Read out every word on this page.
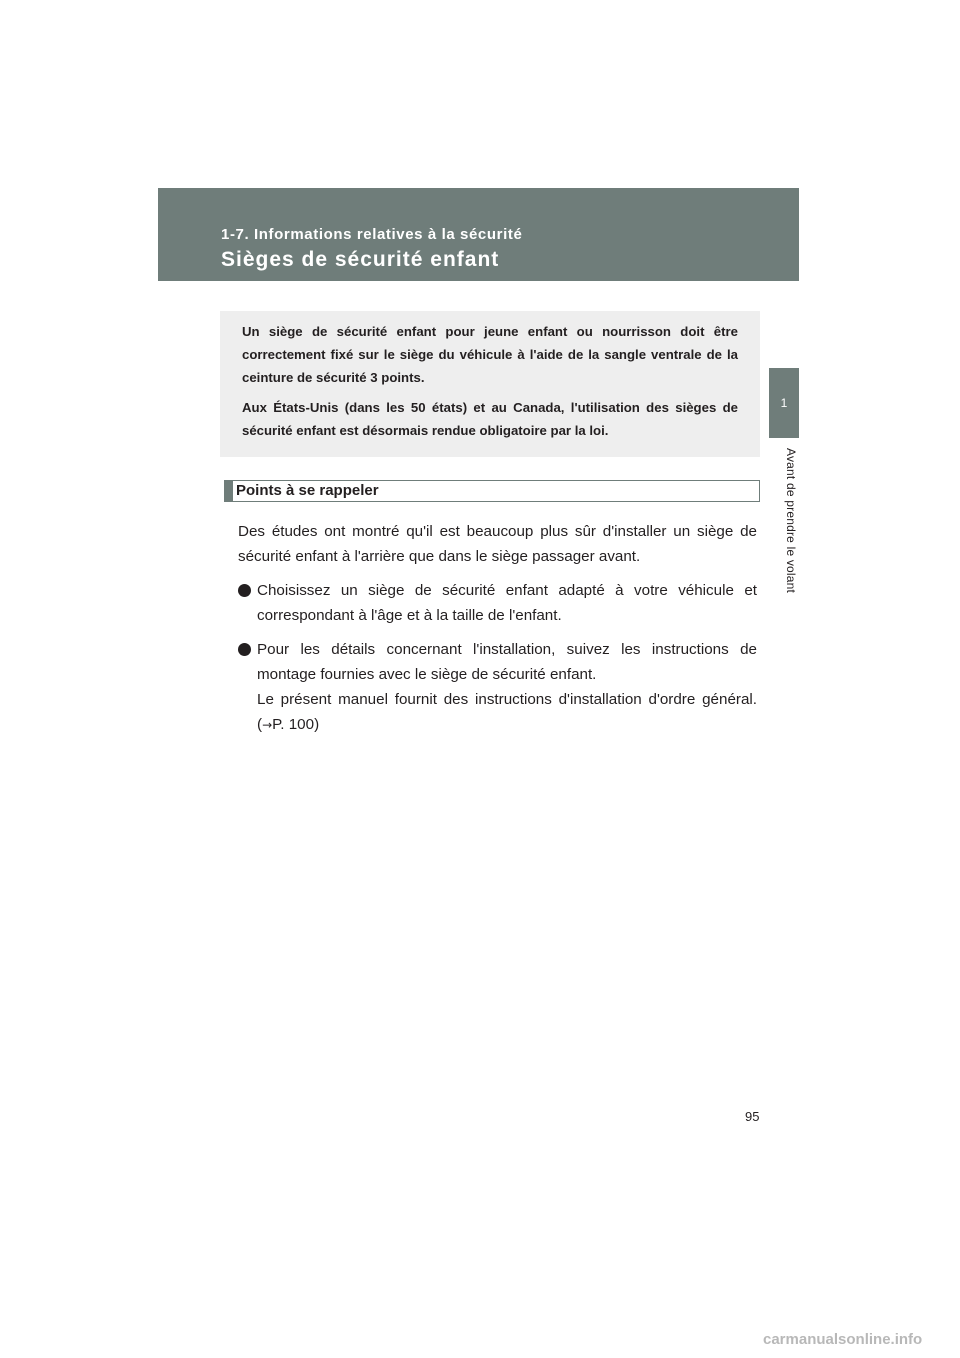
1-7. Informations relatives à la sécurité
Sièges de sécurité enfant
1
Avant de prendre le volant

Un siège de sécurité enfant pour jeune enfant ou nourrisson doit être correctement fixé sur le siège du véhicule à l'aide de la sangle ventrale de la ceinture de sécurité 3 points.

Aux États-Unis (dans les 50 états) et au Canada, l'utilisation des sièges de sécurité enfant est désormais rendue obligatoire par la loi.

Points à se rappeler

Des études ont montré qu'il est beaucoup plus sûr d'installer un siège de sécurité enfant à l'arrière que dans le siège passager avant.

Choisissez un siège de sécurité enfant adapté à votre véhicule et correspondant à l'âge et à la taille de l'enfant.

Pour les détails concernant l'installation, suivez les instructions de montage fournies avec le siège de sécurité enfant.

Le présent manuel fournit des instructions d'installation d'ordre général. (→P. 100)

95
carmanualsonline.info
